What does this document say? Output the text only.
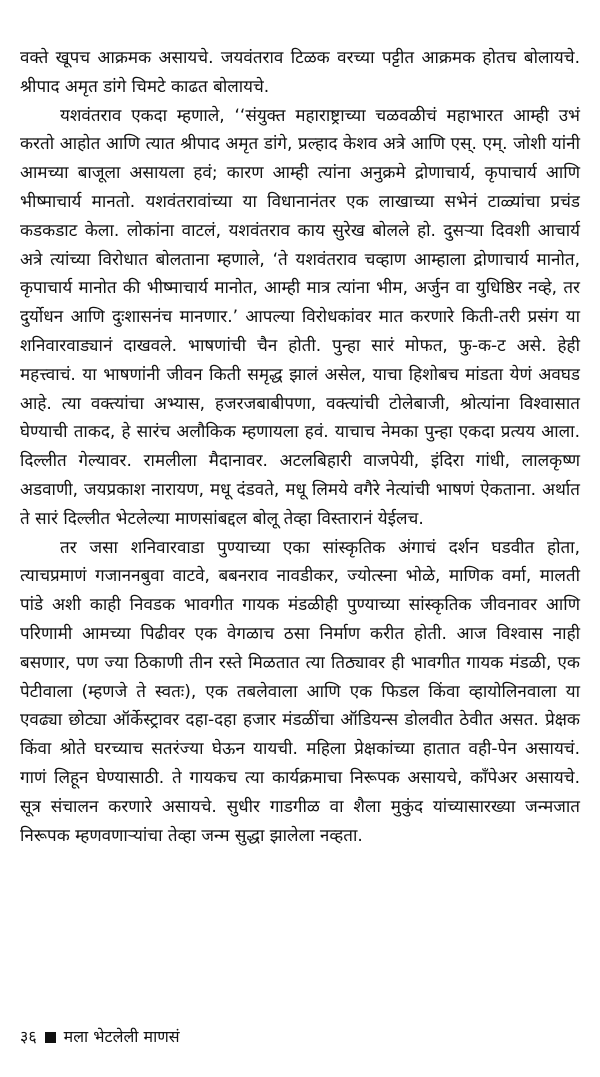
वक्ते खूपच आक्रमक असायचे. जयवंतराव टिळक वरच्या पट्टीत आक्रमक होतच बोलायचे. श्रीपाद अमृत डांगे चिमटे काढत बोलायचे.

यशवंतराव एकदा म्हणाले, ‘‘संयुक्त महाराष्ट्राच्या चळवळीचं महाभारत आम्ही उभं करतो आहोत आणि त्यात श्रीपाद अमृत डांगे, प्रल्हाद केशव अत्रे आणि एस्. एम्. जोशी यांनी आमच्या बाजूला असायला हवं; कारण आम्ही त्यांना अनुक्रमे द्रोणाचार्य, कृपाचार्य आणि भीष्माचार्य मानतो. यशवंतरावांच्या या विधानानंतर एक लाखाच्या सभेनं टाळ्यांचा प्रचंड कडकडाट केला. लोकांना वाटलं, यशवंतराव काय सुरेख बोलले हो. दुसऱ्या दिवशी आचार्य अत्रे त्यांच्या विरोधात बोलताना म्हणाले, ‘ते यशवंतराव चव्हाण आम्हाला द्रोणाचार्य मानोत, कृपाचार्य मानोत की भीष्माचार्य मानोत, आम्ही मात्र त्यांना भीम, अर्जुन वा युधिष्ठिर नव्हे, तर दुर्योधन आणि दुःशासनंच मानणार.’ आपल्या विरोधकांवर मात करणारे किती-तरी प्रसंग या शनिवारवाड्यानं दाखवले. भाषणांची चैन होती. पुन्हा सारं मोफत, फु-क-ट असे. हेही महत्त्वाचं. या भाषणांनी जीवन किती समृद्ध झालं असेल, याचा हिशोबच मांडता येणं अवघड आहे. त्या वक्त्यांचा अभ्यास, हजरजबाबीपणा, वक्त्यांची टोलेबाजी, श्रोत्यांना विश्वासात घेण्याची ताकद, हे सारंच अलौकिक म्हणायला हवं. याचाच नेमका पुन्हा एकदा प्रत्यय आला. दिल्लीत गेल्यावर. रामलीला मैदानावर. अटलबिहारी वाजपेयी, इंदिरा गांधी, लालकृष्ण अडवाणी, जयप्रकाश नारायण, मधू दंडवते, मधू लिमये वगैरे नेत्यांची भाषणं ऐकताना. अर्थात ते सारं दिल्लीत भेटलेल्या माणसांबद्दल बोलू तेव्हा विस्तारानं येईलच.

तर जसा शनिवारवाडा पुण्याच्या एका सांस्कृतिक अंगाचं दर्शन घडवीत होता, त्याचप्रमाणं गजाननबुवा वाटवे, बबनराव नावडीकर, ज्योत्स्ना भोळे, माणिक वर्मा, मालती पांडे अशी काही निवडक भावगीत गायक मंडळीही पुण्याच्या सांस्कृतिक जीवनावर आणि परिणामी आमच्या पिढीवर एक वेगळाच ठसा निर्माण करीत होती. आज विश्वास नाही बसणार, पण ज्या ठिकाणी तीन रस्ते मिळतात त्या तिठ्यावर ही भावगीत गायक मंडळी, एक पेटीवाला (म्हणजे ते स्वतः), एक तबलेवाला आणि एक फिडल किंवा व्हायोलिनवाला या एवढ्या छोट्या ऑर्केस्ट्रावर दहा-दहा हजार मंडळींचा ऑडियन्स डोलवीत ठेवीत असत. प्रेक्षक किंवा श्रोते घरच्याच सतरंज्या घेऊन यायची. महिला प्रेक्षकांच्या हातात वही-पेन असायचं. गाणं लिहून घेण्यासाठी. ते गायकच त्या कार्यक्रमाचा निरूपक असायचे, कॉंपेअर असायचे. सूत्र संचालन करणारे असायचे. सुधीर गाडगीळ वा शैला मुकुंद यांच्यासारख्या जन्मजात निरूपक म्हणवणाऱ्यांचा तेव्हा जन्म सुद्धा झालेला नव्हता.

३६ मला भेटलेली माणसं
